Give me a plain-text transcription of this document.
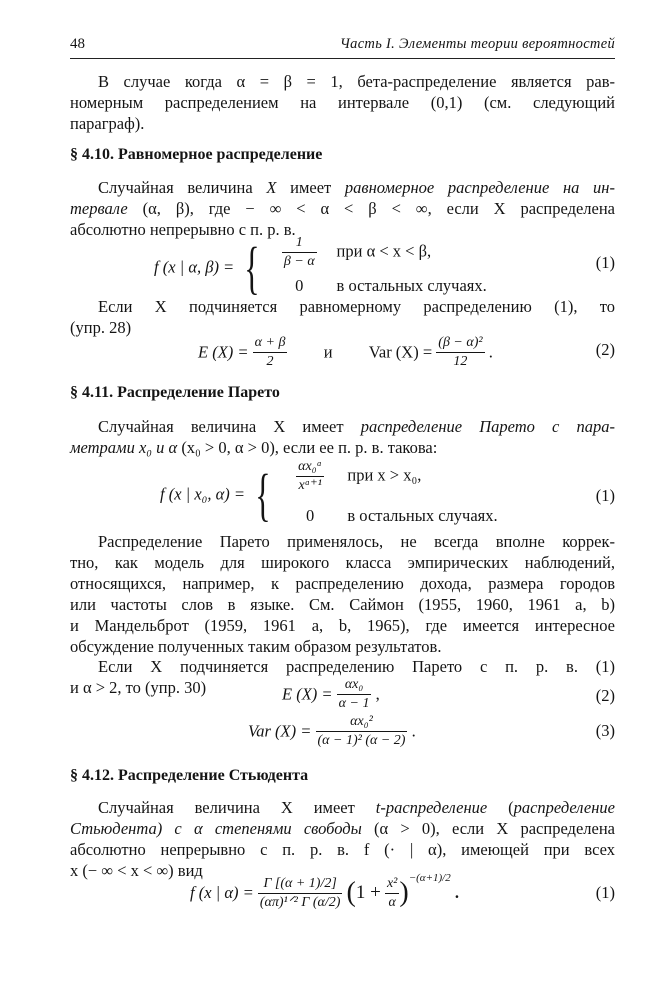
48	Часть I. Элементы теории вероятностей
В случае когда α = β = 1, бета-распределение является рав-
номерным распределением на интервале (0,1) (см. следующий
параграф).
§ 4.10. Равномерное распределение
Случайная величина X имеет равномерное распределение на ин-
тервале (α, β), где − ∞ < α < β < ∞, если X распределена
абсолютно непрерывно с п. р. в.
f (x | α, β) = { $\frac{1}{\beta - \alpha}$ при α < x < β,
0 в остальных случаях.
(1)
Если X подчиняется равномерному распределению (1), то
(упр. 28)
E $(X) = \frac{\alpha + \beta}{2}$ и Var $(X) = \frac{\text{(β − α)²}}{12}$ .	(2)
§ 4.11. Распределение Парето
Случайная величина X имеет распределение Парето с пара-
метрами x₀ и α (x₀ > 0, α > 0), если ее п. р. в. такова:
f (x | x₀, α) = { $\frac{\text{αx₀ᵅ}}{\text{xᵅ⁺¹}}$ при x > x₀,
0 в остальных случаях.
(1)
Распределение Парето применялось, не всегда вполне коррек-
тно, как модель для широкого класса эмпирических наблюдений,
относящихся, например, к распределению дохода, размера городов
или частоты слов в языке. См. Саймон (1955, 1960, 1961 a, b)
и Мандельброт (1959, 1961 a, b, 1965), где имеется интересное
обсуждение полученных таким образом результатов.
Если X подчиняется распределению Парето с п. р. в. (1)
и α > 2, то (упр. 30)	E $(X) = \frac{\text{αx₀}}{\alpha - 1}$ ,	(2)
Var $(X) = \frac{\text{αx₀²}}{\text{(α − 1)² (α − 2)}}$ .	(3)
§ 4.12. Распределение Стьюдента
Случайная величина X имеет t-распределение (распределение
Стьюдента) с α степенями свободы (α > 0), если X распределена
абсолютно непрерывно с п. р. в. f (· | α), имеющей при всех
x (− ∞ < x < ∞) вид
f (x | $\alpha) = \frac{\Gamma [(\alpha + 1)/2]}{\text{(απ)¹ᐟ² Γ (α/2)}} (1 + \frac{\text{x²}}{\alpha} )^{-(\alpha+1)/2}$ .	(1)
